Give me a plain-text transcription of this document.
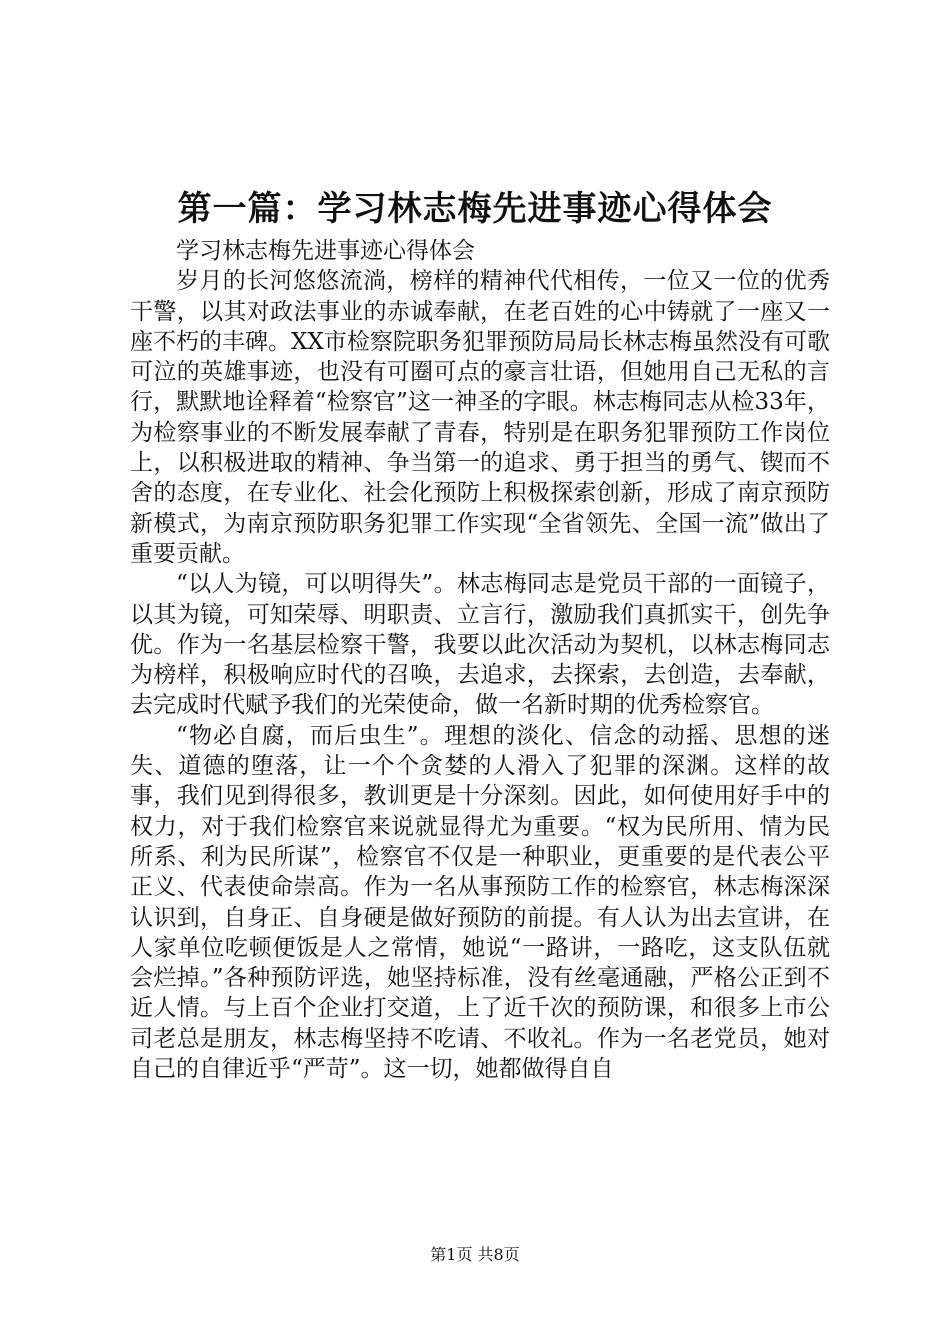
第一篇：学习林志梅先进事迹心得体会

学习林志梅先进事迹心得体会

岁月的长河悠悠流淌，榜样的精神代代相传，一位又一位的优秀干警，以其对政法事业的赤诚奉献，在老百姓的心中铸就了一座又一座不朽的丰碑。XX市检察院职务犯罪预防局局长林志梅虽然没有可歌可泣的英雄事迹，也没有可圈可点的豪言壮语，但她用自己无私的言行，默默地诠释着“检察官”这一神圣的字眼。林志梅同志从检33年，为检察事业的不断发展奉献了青春，特别是在职务犯罪预防工作岗位上，以积极进取的精神、争当第一的追求、勇于担当的勇气、锲而不舍的态度，在专业化、社会化预防上积极探索创新，形成了南京预防新模式，为南京预防职务犯罪工作实现“全省领先、全国一流”做出了重要贡献。

“以人为镜，可以明得失”。林志梅同志是党员干部的一面镜子，以其为镜，可知荣辱、明职责、立言行，激励我们真抓实干，创先争优。作为一名基层检察干警，我要以此次活动为契机，以林志梅同志为榜样，积极响应时代的召唤，去追求，去探索，去创造，去奉献，去完成时代赋予我们的光荣使命，做一名新时期的优秀检察官。

“物必自腐，而后虫生”。理想的淡化、信念的动摇、思想的迷失、道德的堕落，让一个个贪婪的人滑入了犯罪的深渊。这样的故事，我们见到得很多，教训更是十分深刻。因此，如何使用好手中的权力，对于我们检察官来说就显得尤为重要。“权为民所用、情为民所系、利为民所谋”，检察官不仅是一种职业，更重要的是代表公平正义、代表使命崇高。作为一名从事预防工作的检察官，林志梅深深认识到，自身正、自身硬是做好预防的前提。有人认为出去宣讲，在人家单位吃顿便饭是人之常情，她说“一路讲，一路吃，这支队伍就会烂掉。”各种预防评选，她坚持标准，没有丝毫通融，严格公正到不近人情。与上百个企业打交道，上了近千次的预防课，和很多上市公司老总是朋友，林志梅坚持不吃请、不收礼。作为一名老党员，她对自己的自律近乎“严苛”。这一切，她都做得自自

第1页 共8页
